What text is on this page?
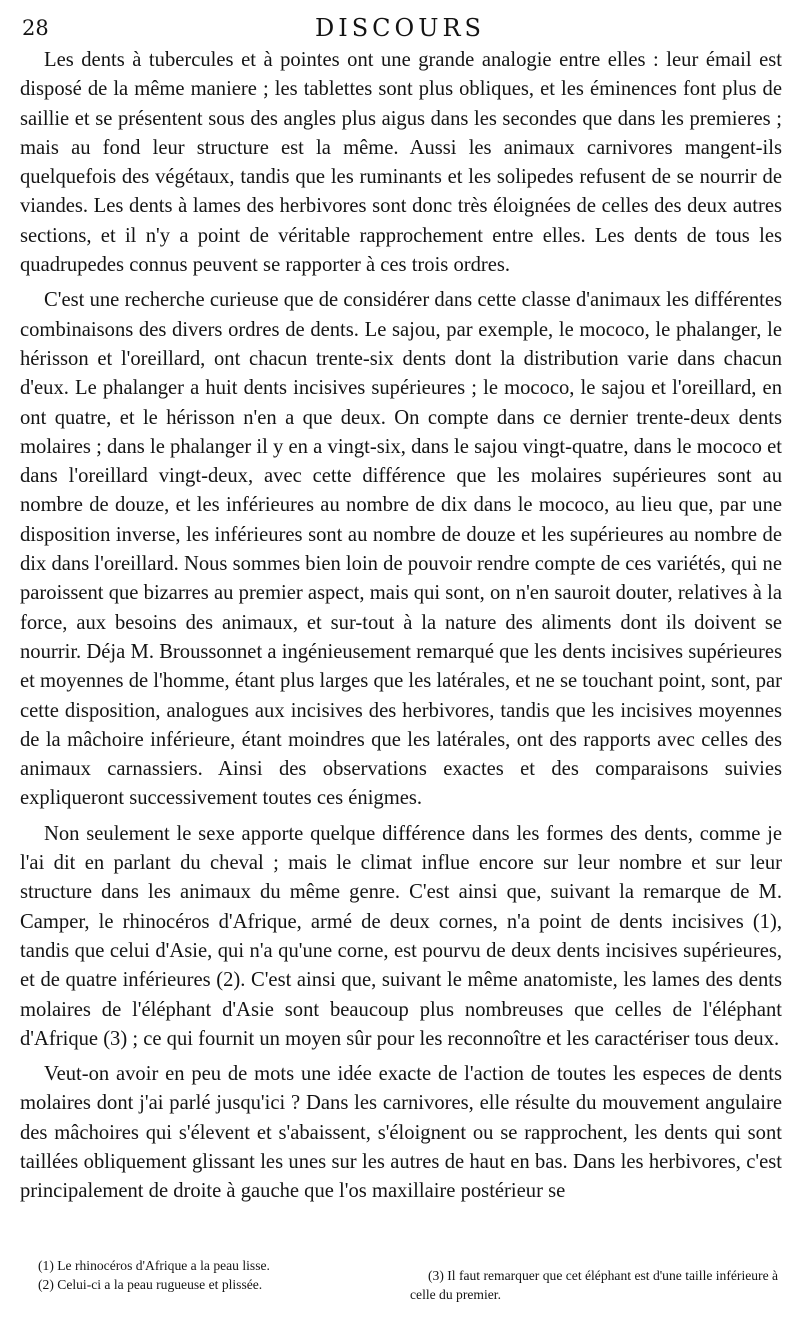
28	DISCOURS

Les dents à tubercules et à pointes ont une grande analogie entre elles : leur émail est disposé de la même maniere ; les tablettes sont plus obliques, et les éminences font plus de saillie et se présentent sous des angles plus aigus dans les secondes que dans les premieres ; mais au fond leur structure est la même. Aussi les animaux carnivores mangent-ils quelquefois des végétaux, tandis que les ruminants et les solipedes refusent de se nourrir de viandes. Les dents à lames des herbivores sont donc très éloignées de celles des deux autres sections, et il n'y a point de véritable rapprochement entre elles. Les dents de tous les quadrupedes connus peuvent se rapporter à ces trois ordres.

C'est une recherche curieuse que de considérer dans cette classe d'animaux les différentes combinaisons des divers ordres de dents. Le sajou, par exemple, le mococo, le phalanger, le hérisson et l'oreillard, ont chacun trente-six dents dont la distribution varie dans chacun d'eux. Le phalanger a huit dents incisives supérieures ; le mococo, le sajou et l'oreillard, en ont quatre, et le hérisson n'en a que deux. On compte dans ce dernier trente-deux dents molaires ; dans le phalanger il y en a vingt-six, dans le sajou vingt-quatre, dans le mococo et dans l'oreillard vingt-deux, avec cette différence que les molaires supérieures sont au nombre de douze, et les inférieures au nombre de dix dans le mococo, au lieu que, par une disposition inverse, les inférieures sont au nombre de douze et les supérieures au nombre de dix dans l'oreillard. Nous sommes bien loin de pouvoir rendre compte de ces variétés, qui ne paroissent que bizarres au premier aspect, mais qui sont, on n'en sauroit douter, relatives à la force, aux besoins des animaux, et sur-tout à la nature des aliments dont ils doivent se nourrir. Déja M. Broussonnet a ingénieusement remarqué que les dents incisives supérieures et moyennes de l'homme, étant plus larges que les latérales, et ne se touchant point, sont, par cette disposition, analogues aux incisives des herbivores, tandis que les incisives moyennes de la mâchoire inférieure, étant moindres que les latérales, ont des rapports avec celles des animaux carnassiers. Ainsi des observations exactes et des comparaisons suivies expliqueront successivement toutes ces énigmes.

Non seulement le sexe apporte quelque différence dans les formes des dents, comme je l'ai dit en parlant du cheval ; mais le climat influe encore sur leur nombre et sur leur structure dans les animaux du même genre. C'est ainsi que, suivant la remarque de M. Camper, le rhinocéros d'Afrique, armé de deux cornes, n'a point de dents incisives (1), tandis que celui d'Asie, qui n'a qu'une corne, est pourvu de deux dents incisives supérieures, et de quatre inférieures (2). C'est ainsi que, suivant le même anatomiste, les lames des dents molaires de l'éléphant d'Asie sont beaucoup plus nombreuses que celles de l'éléphant d'Afrique (3) ; ce qui fournit un moyen sûr pour les reconnoître et les caractériser tous deux.

Veut-on avoir en peu de mots une idée exacte de l'action de toutes les especes de dents molaires dont j'ai parlé jusqu'ici ? Dans les carnivores, elle résulte du mouvement angulaire des mâchoires qui s'élevent et s'abaissent, s'éloignent ou se rapprochent, les dents qui sont taillées obliquement glissant les unes sur les autres de haut en bas. Dans les herbivores, c'est principalement de droite à gauche que l'os maxillaire postérieur se

(1) Le rhinocéros d'Afrique a la peau lisse.
(2) Celui-ci a la peau rugueuse et plissée.
(3) Il faut remarquer que cet éléphant est d'une taille inférieure à celle du premier.
